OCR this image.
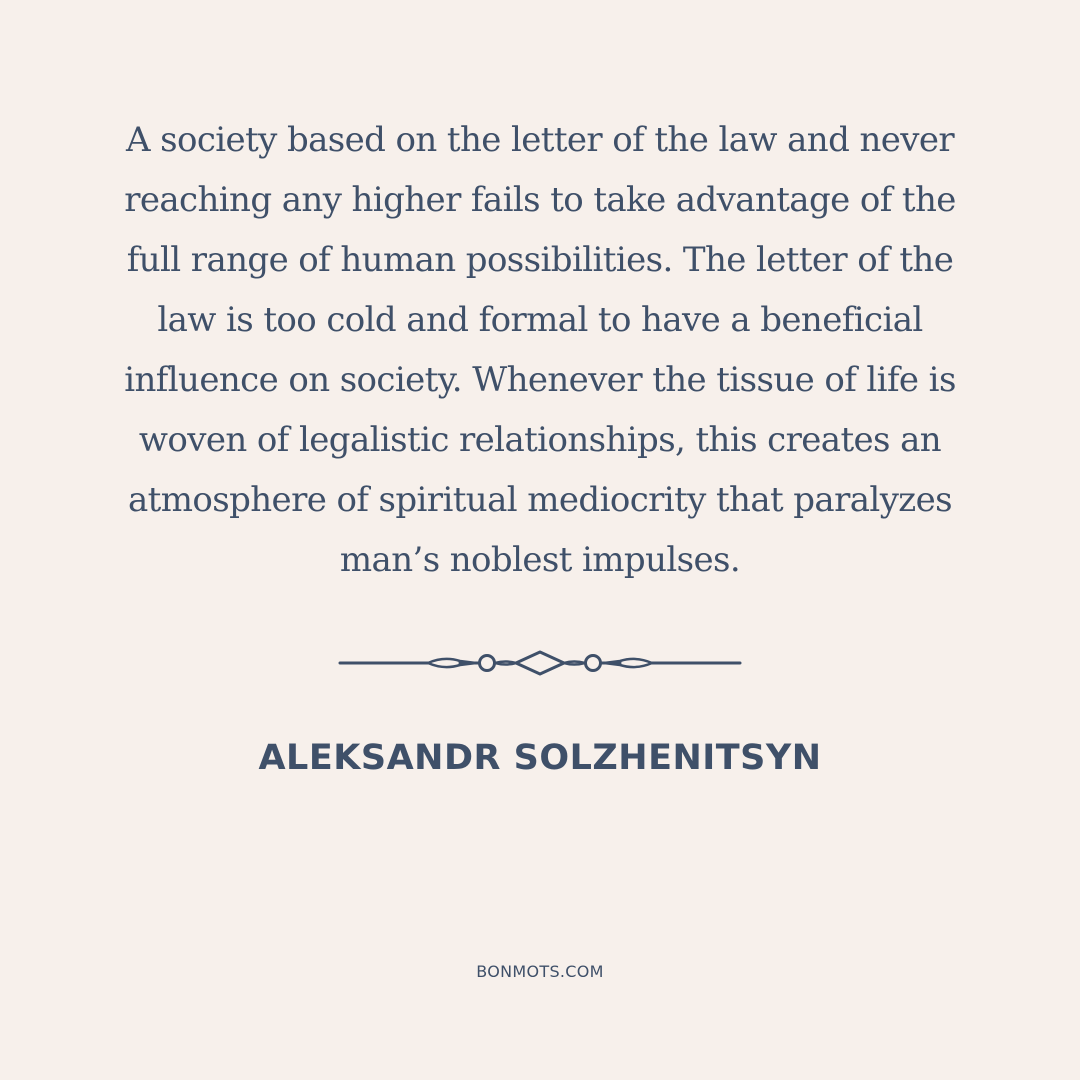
A society based on the letter of the law and never
reaching any higher fails to take advantage of the
full range of human possibilities. The letter of the
law is too cold and formal to have a beneficial
influence on society. Whenever the tissue of life is
woven of legalistic relationships, this creates an
atmosphere of spiritual mediocrity that paralyzes
man’s noblest impulses.
ALEKSANDR SOLZHENITSYN
BONMOTS.COM
